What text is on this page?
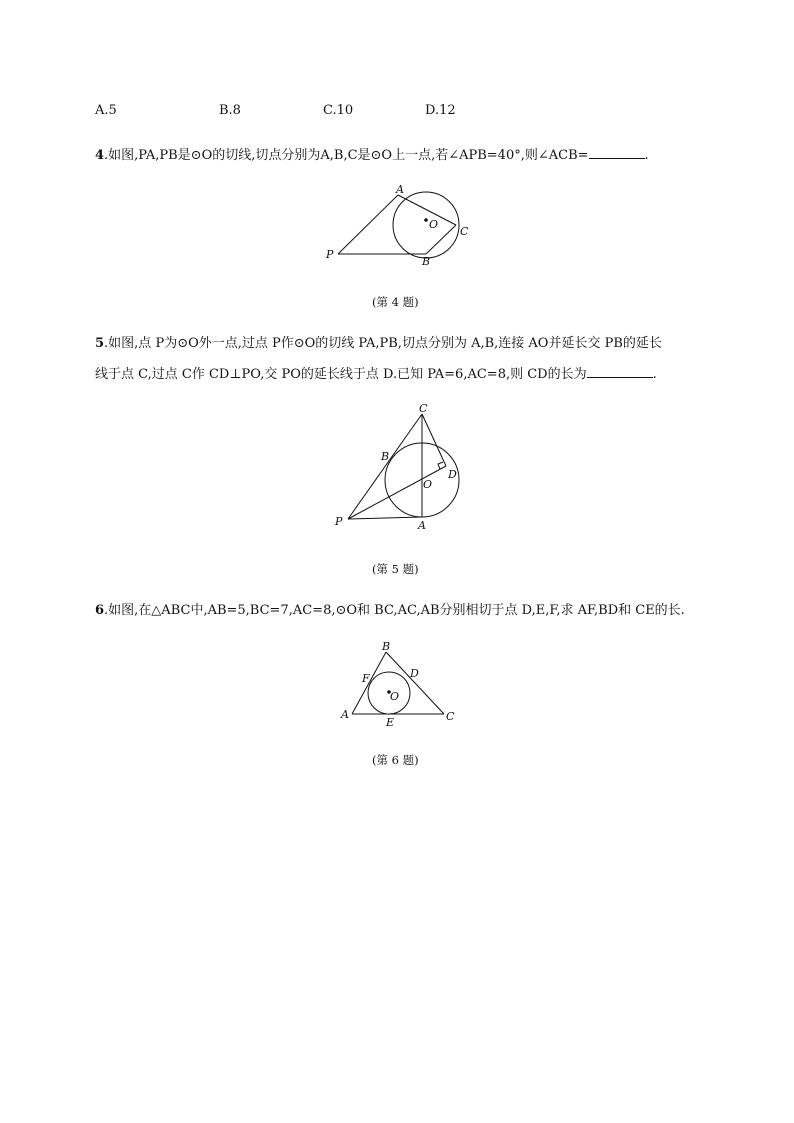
A.5	B.8	C.10	D.12
4.如图,PA,PB是⊙O的切线,切点分别为A,B,C是⊙O上一点,若∠APB=40°,则∠ACB=	.
A
B
C
O
P
(第 4 题)
5.如图,点 P为⊙O外一点,过点 P作⊙O的切线 PA,PB,切点分别为 A,B,连接 AO并延长交 PB的延长
线于点 C,过点 C作 CD⊥PO,交 PO的延长线于点 D.已知 PA=6,AC=8,则 CD的长为	.
C
B
D
O
P	A
(第 5 题)
6.如图,在△ABC中,AB=5,BC=7,AC=8,⊙O和 BC,AC,AB分别相切于点 D,E,F,求 AF,BD和 CE的长.
B
D
F
O
A
E	C
(第 6 题)
